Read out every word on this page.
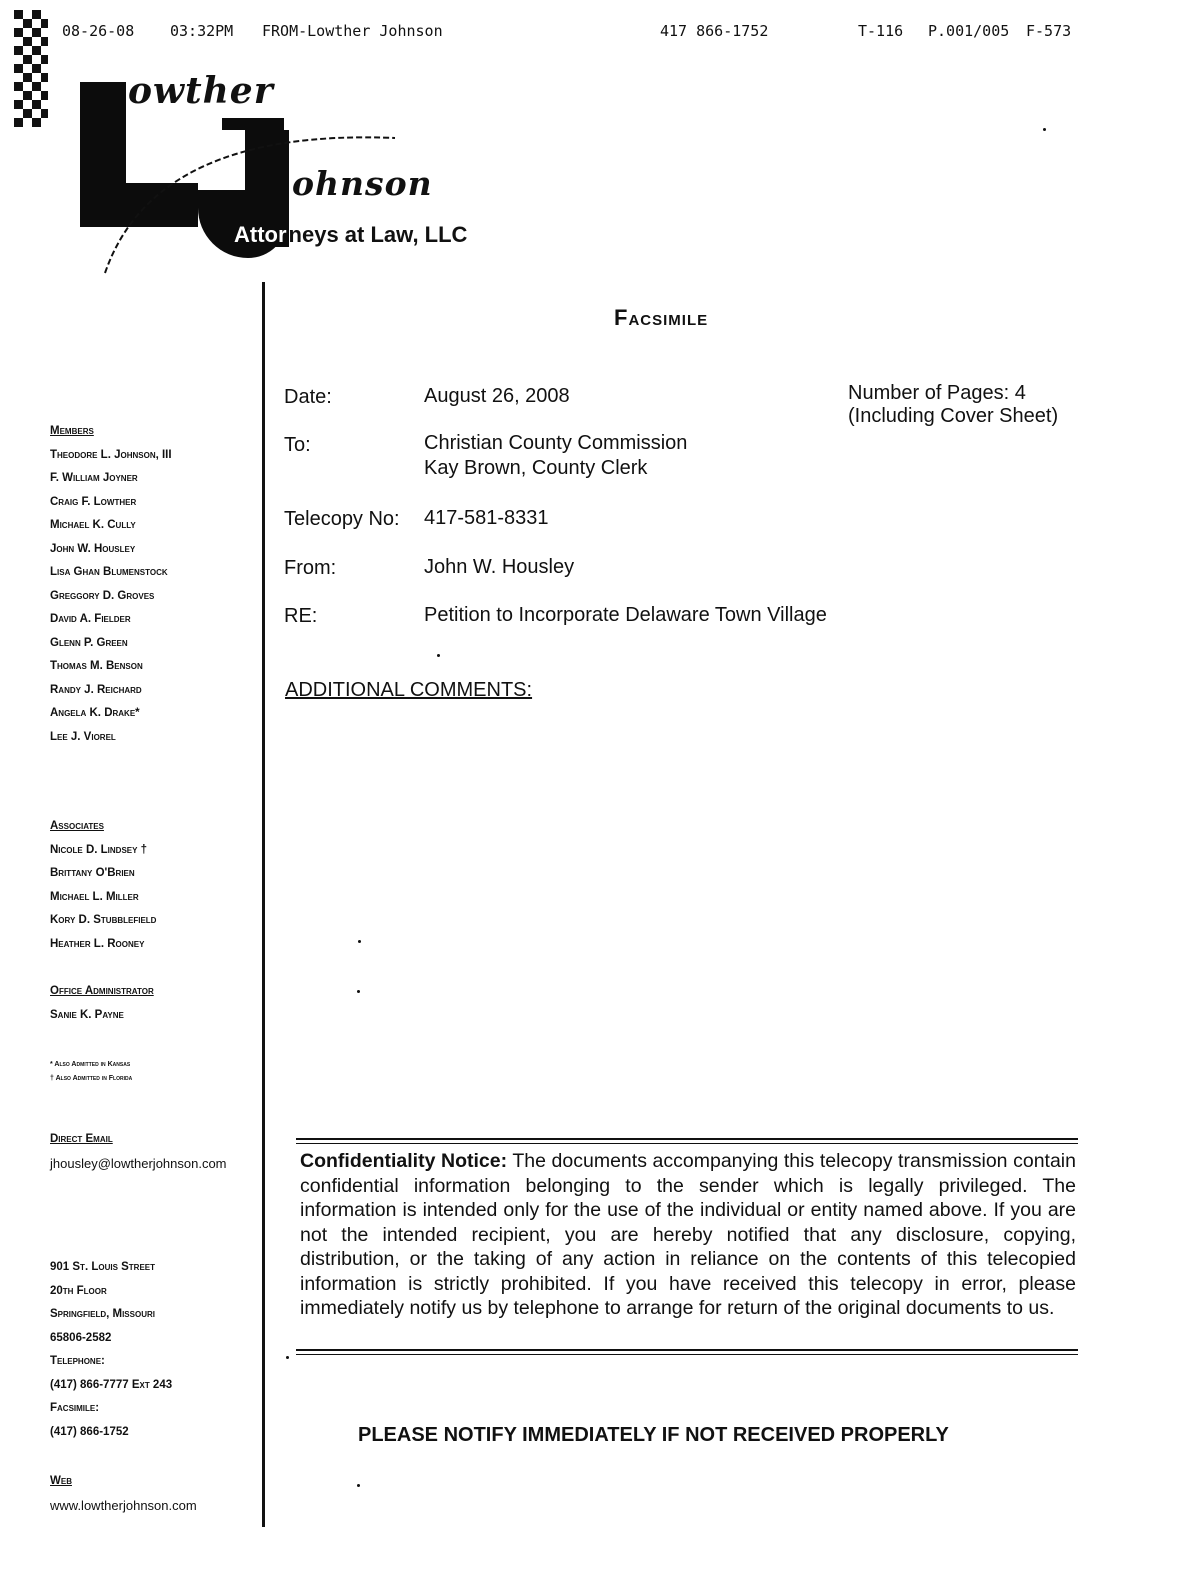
08-26-08 03:32PM FROM-Lowther Johnson	417 866-1752	T-116 P.001/005 F-573
owther
ohnson
Attorneys at Law, LLC
Members
Theodore L. Johnson, III
F. William Joyner
Craig F. Lowther
Michael K. Cully
John W. Housley
Lisa Ghan Blumenstock
Greggory D. Groves
David A. Fielder
Glenn P. Green
Thomas M. Benson
Randy J. Reichard
Angela K. Drake*
Lee J. Viorel
Associates
Nicole D. Lindsey †
Brittany O'Brien
Michael L. Miller
Kory D. Stubblefield
Heather L. Rooney
Office Administrator
Sanie K. Payne
* Also Admitted in Kansas
† Also Admitted in Florida
Direct Email
jhousley@lowtherjohnson.com
901 St. Louis Street
20th Floor
Springfield, Missouri
65806-2582
Telephone:
(417) 866-7777 Ext 243
Facsimile:
(417) 866-1752
Web
www.lowtherjohnson.com
Facsimile
Date:	August 26, 2008	Number of Pages: 4
(Including Cover Sheet)
To:	Christian County Commission
Kay Brown, County Clerk
Telecopy No: 417-581-8331
From:	John W. Housley
RE:	Petition to Incorporate Delaware Town Village
ADDITIONAL COMMENTS:
Confidentiality Notice: The documents accompanying this telecopy transmission contain confidential information belonging to the sender which is legally privileged. The information is intended only for the use of the individual or entity named above. If you are not the intended recipient, you are hereby notified that any disclosure, copying, distribution, or the taking of any action in reliance on the contents of this telecopied information is strictly prohibited. If you have received this telecopy in error, please immediately notify us by telephone to arrange for return of the original documents to us.
PLEASE NOTIFY IMMEDIATELY IF NOT RECEIVED PROPERLY
